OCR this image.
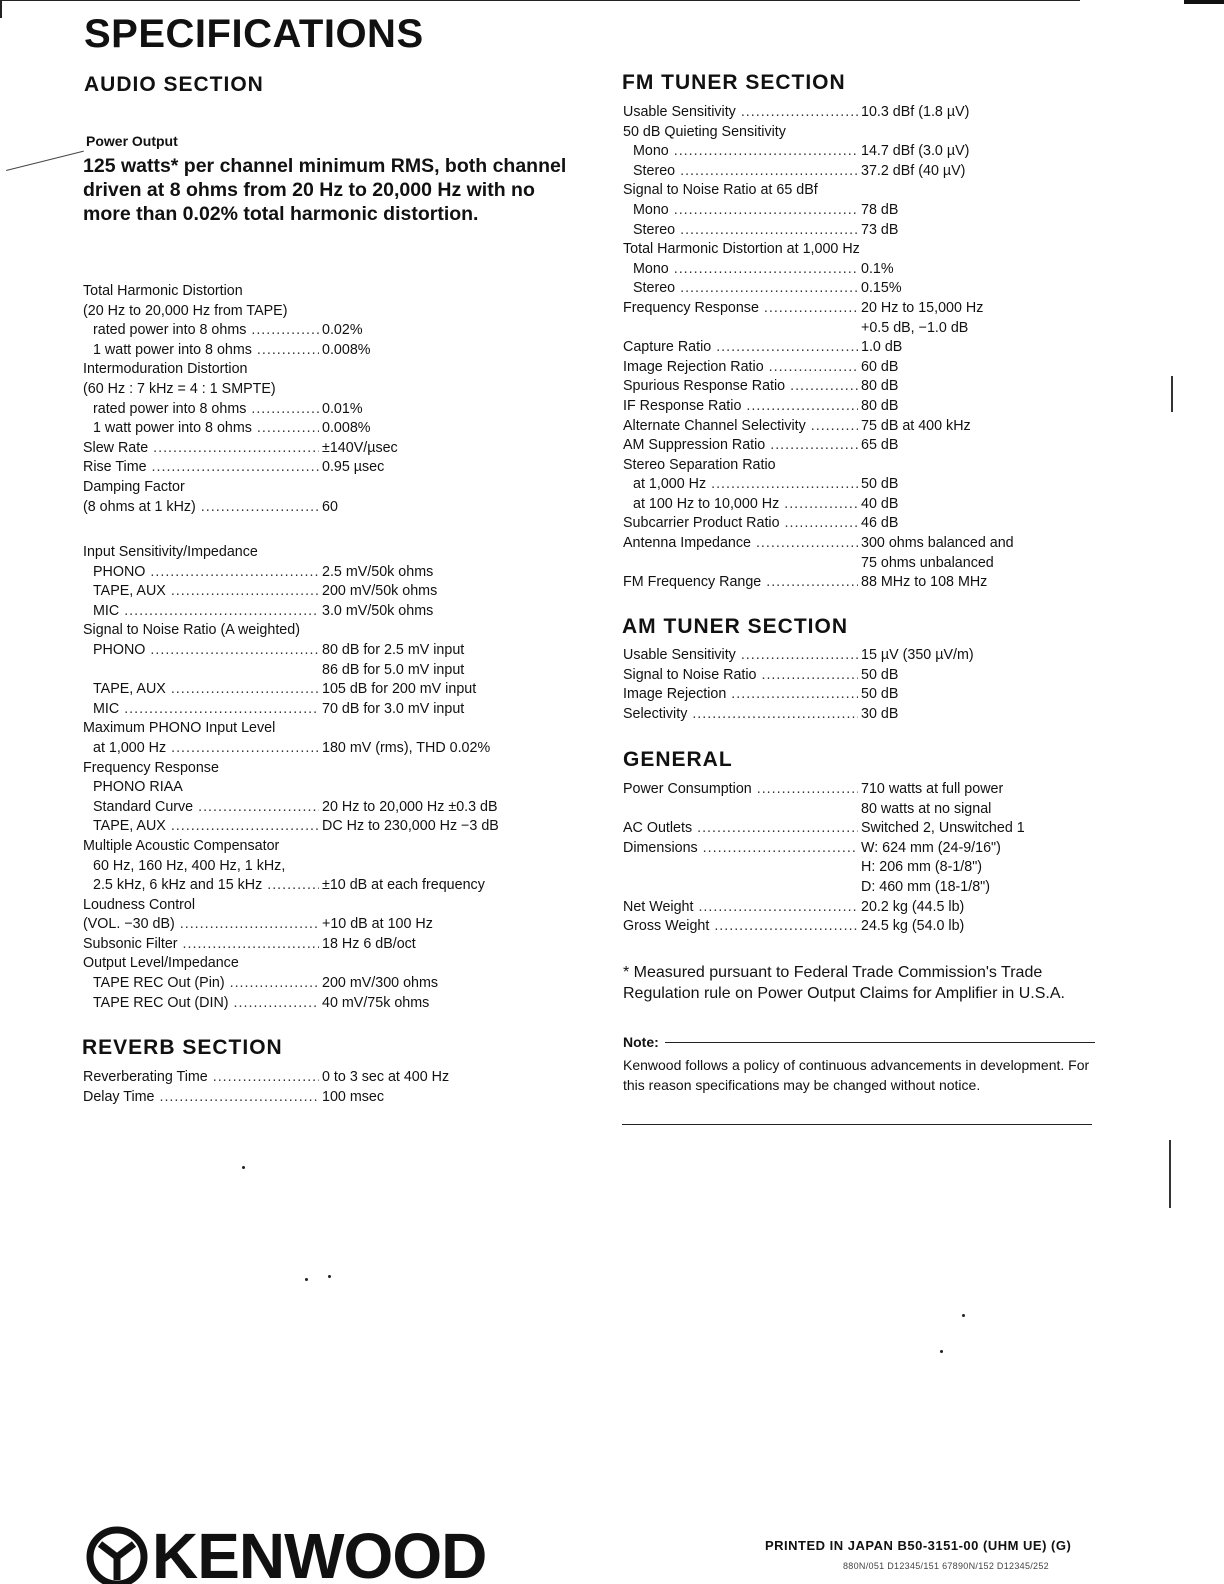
SPECIFICATIONS
AUDIO SECTION
Power Output
125 watts* per channel minimum RMS, both channel driven at 8 ohms from 20 Hz to 20,000 Hz with no more than 0.02% total harmonic distortion.
Total Harmonic Distortion
(20 Hz to 20,000 Hz from TAPE)
rated power into 8 ohms .....	0.02%
1 watt power into 8 ohms .....	0.008%
Intermoduration Distortion
(60 Hz : 7 kHz = 4 : 1 SMPTE)
rated power into 8 ohms .....	0.01%
1 watt power into 8 ohms .....	0.008%
Slew Rate .....	±140V/µsec
Rise Time .....	0.95 µsec
Damping Factor
(8 ohms at 1 kHz) .....	60
Input Sensitivity/Impedance
PHONO .....	2.5 mV/50k ohms
TAPE, AUX .....	200 mV/50k ohms
MIC .....	3.0 mV/50k ohms
Signal to Noise Ratio (A weighted)
PHONO .....	80 dB for 2.5 mV input
86 dB for 5.0 mV input
TAPE, AUX .....	105 dB for 200 mV input
MIC .....	70 dB for 3.0 mV input
Maximum PHONO Input Level
at 1,000 Hz .....	180 mV (rms), THD 0.02%
Frequency Response
PHONO RIAA
Standard Curve .....	20 Hz to 20,000 Hz ±0.3 dB
TAPE, AUX .....	DC Hz to 230,000 Hz −3 dB
Multiple Acoustic Compensator
60 Hz, 160 Hz, 400 Hz, 1 kHz,
2.5 kHz, 6 kHz and 15 kHz .....	±10 dB at each frequency
Loudness Control
(VOL. −30 dB) .....	+10 dB at 100 Hz
Subsonic Filter .....	18 Hz 6 dB/oct
Output Level/Impedance
TAPE REC Out (Pin) .....	200 mV/300 ohms
TAPE REC Out (DIN) .....	40 mV/75k ohms
REVERB SECTION
Reverberating Time .....	0 to 3 sec at 400 Hz
Delay Time .....	100 msec
FM TUNER SECTION
Usable Sensitivity .....	10.3 dBf (1.8 µV)
50 dB Quieting Sensitivity
Mono .....	14.7 dBf (3.0 µV)
Stereo .....	37.2 dBf (40 µV)
Signal to Noise Ratio at 65 dBf
Mono .....	78 dB
Stereo .....	73 dB
Total Harmonic Distortion at 1,000 Hz
Mono .....	0.1%
Stereo .....	0.15%
Frequency Response .....	20 Hz to 15,000 Hz
+0.5 dB, −1.0 dB
Capture Ratio .....	1.0 dB
Image Rejection Ratio .....	60 dB
Spurious Response Ratio .....	80 dB
IF Response Ratio .....	80 dB
Alternate Channel Selectivity .....	75 dB at 400 kHz
AM Suppression Ratio .....	65 dB
Stereo Separation Ratio
at 1,000 Hz .....	50 dB
at 100 Hz to 10,000 Hz .....	40 dB
Subcarrier Product Ratio .....	46 dB
Antenna Impedance .....	300 ohms balanced and
75 ohms unbalanced
FM Frequency Range .....	88 MHz to 108 MHz
AM TUNER SECTION
Usable Sensitivity .....	15 µV (350 µV/m)
Signal to Noise Ratio .....	50 dB
Image Rejection .....	50 dB
Selectivity .....	30 dB
GENERAL
Power Consumption .....	710 watts at full power
80 watts at no signal
AC Outlets .....	Switched 2, Unswitched 1
Dimensions .....	W: 624 mm (24-9/16")
H: 206 mm (8-1/8")
D: 460 mm (18-1/8")
Net Weight .....	20.2 kg (44.5 lb)
Gross Weight .....	24.5 kg (54.0 lb)
* Measured pursuant to Federal Trade Commission's Trade Regulation rule on Power Output Claims for Amplifier in U.S.A.
Note:
Kenwood follows a policy of continuous advancements in development. For this reason specifications may be changed without notice.
KENWOOD	PRINTED IN JAPAN B50-3151-00 (UHM UE) (G)
880N/051 D12345/151 67890N/152 D12345/252
